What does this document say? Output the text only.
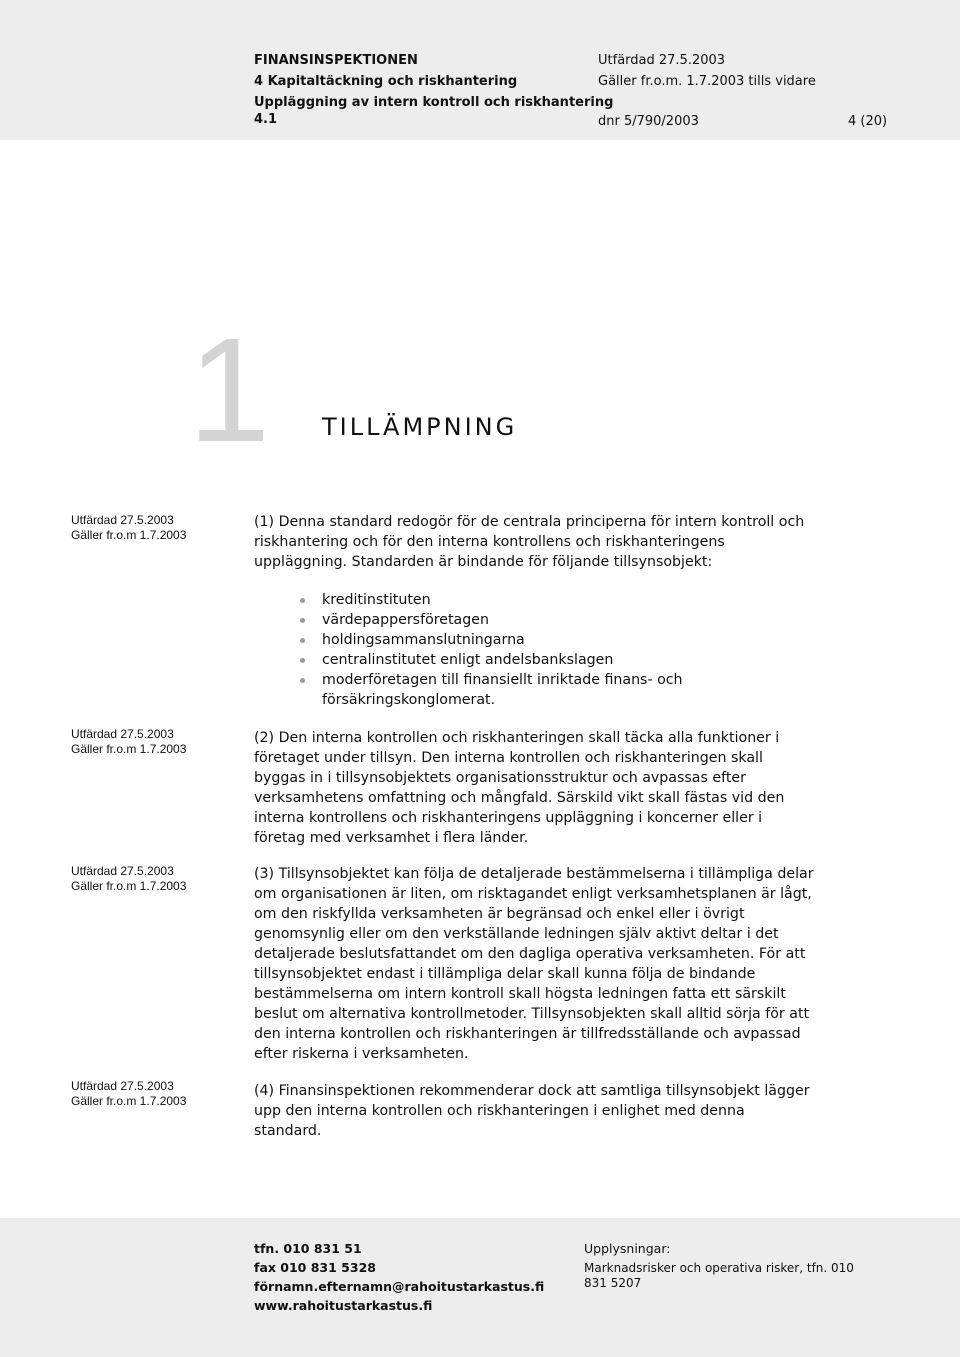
FINANSINSPEKTIONEN
4 Kapitaltäckning och riskhantering
Uppläggning av intern kontroll och riskhantering
4.1
Utfärdad 27.5.2003
Gäller fr.o.m. 1.7.2003 tills vidare
dnr 5/790/2003	4 (20)
1 TILLÄMPNING
Utfärdad 27.5.2003
Gäller fr.o.m 1.7.2003
Utfärdad 27.5.2003
Gäller fr.o.m 1.7.2003
Utfärdad 27.5.2003
Gäller fr.o.m 1.7.2003
Utfärdad 27.5.2003
Gäller fr.o.m 1.7.2003
(1) Denna standard redogör för de centrala principerna för intern kontroll och
riskhantering och för den interna kontrollens och riskhanteringens
uppläggning. Standarden är bindande för följande tillsynsobjekt:
kreditinstituten
värdepappersföretagen
holdingsammanslutningarna
centralinstitutet enligt andelsbankslagen
moderföretagen till finansiellt inriktade finans- och
försäkringskonglomerat.
(2) Den interna kontrollen och riskhanteringen skall täcka alla funktioner i
företaget under tillsyn. Den interna kontrollen och riskhanteringen skall
byggas in i tillsynsobjektets organisationsstruktur och avpassas efter
verksamhetens omfattning och mångfald. Särskild vikt skall fästas vid den
interna kontrollens och riskhanteringens uppläggning i koncerner eller i
företag med verksamhet i flera länder.
(3) Tillsynsobjektet kan följa de detaljerade bestämmelserna i tillämpliga delar
om organisationen är liten, om risktagandet enligt verksamhetsplanen är lågt,
om den riskfyllda verksamheten är begränsad och enkel eller i övrigt
genomsynlig eller om den verkställande ledningen själv aktivt deltar i det
detaljerade beslutsfattandet om den dagliga operativa verksamheten. För att
tillsynsobjektet endast i tillämpliga delar skall kunna följa de bindande
bestämmelserna om intern kontroll skall högsta ledningen fatta ett särskilt
beslut om alternativa kontrollmetoder. Tillsynsobjekten skall alltid sörja för att
den interna kontrollen och riskhanteringen är tillfredsställande och avpassad
efter riskerna i verksamheten.
(4) Finansinspektionen rekommenderar dock att samtliga tillsynsobjekt lägger
upp den interna kontrollen och riskhanteringen i enlighet med denna
standard.
tfn. 010 831 51
fax 010 831 5328
förnamn.efternamn@rahoitustarkastus.fi
www.rahoitustarkastus.fi
Upplysningar:
Marknadsrisker och operativa risker, tfn. 010
831 5207
